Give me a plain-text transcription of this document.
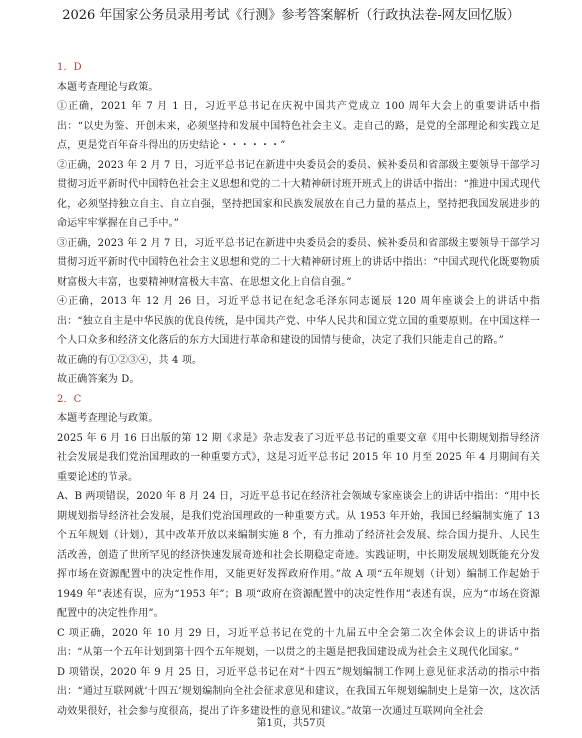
2026 年国家公务员录用考试《行测》参考答案解析（行政执法卷-网友回忆版）

1．D

本题考查理论与政策。

①正确，2021 年 7 月 1 日，习近平总书记在庆祝中国共产党成立 100 周年大会上的重要讲话中指出：“以史为鉴、开创未来，必须坚持和发展中国特色社会主义。走自己的路，是党的全部理论和实践立足点，更是党百年奋斗得出的历史结论・・・・・・”

②正确，2023 年 2 月 7 日，习近平总书记在新进中央委员会的委员、候补委员和省部级主要领导干部学习贯彻习近平新时代中国特色社会主义思想和党的二十大精神研讨班开班式上的讲话中指出：“推进中国式现代化，必须坚持独立自主、自立自强，坚持把国家和民族发展放在自己力量的基点上，坚持把我国发展进步的命运牢牢掌握在自己手中。”

③正确，2023 年 2 月 7 日，习近平总书记在新进中央委员会的委员、候补委员和省部级主要领导干部学习贯彻习近平新时代中国特色社会主义思想和党的二十大精神研讨班上的讲话中指出：“中国式现代化既要物质财富极大丰富，也要精神财富极大丰富、在思想文化上自信自强。”

④正确，2013 年 12 月 26 日，习近平总书记在纪念毛泽东同志诞辰 120 周年座谈会上的讲话中指出：“独立自主是中华民族的优良传统，是中国共产党、中华人民共和国立党立国的重要原则。在中国这样一个人口众多和经济文化落后的东方大国进行革命和建设的国情与使命，决定了我们只能走自己的路。”

故正确的有①②③④，共 4 项。

故正确答案为 D。

2．C

本题考查理论与政策。

2025 年 6 月 16 日出版的第 12 期《求是》杂志发表了习近平总书记的重要文章《用中长期规划指导经济社会发展是我们党治国理政的一种重要方式》，这是习近平总书记 2015 年 10 月至 2025 年 4 月期间有关重要论述的节录。

A、B 两项错误，2020 年 8 月 24 日，习近平总书记在经济社会领域专家座谈会上的讲话中指出：“用中长期规划指导经济社会发展，是我们党治国理政的一种重要方式。从 1953 年开始，我国已经编制实施了 13 个五年规划（计划），其中改革开放以来编制实施 8 个，有力推动了经济社会发展、综合国力提升、人民生活改善，创造了世所罕见的经济快速发展奇迹和社会长期稳定奇迹。实践证明，中长期发展规划既能充分发挥市场在资源配置中的决定性作用，又能更好发挥政府作用。”故 A 项“五年规划（计划）编制工作起始于 1949 年”表述有误，应为“1953 年”；B 项“政府在资源配置中的决定性作用”表述有误，应为“市场在资源配置中的决定性作用”。

C 项正确，2020 年 10 月 29 日，习近平总书记在党的十九届五中全会第二次全体会议上的讲话中指出：“从第一个五年计划到第十四个五年规划，一以贯之的主题是把我国建设成为社会主义现代化国家。”

D 项错误，2020 年 9 月 25 日，习近平总书记在对“十四五”规划编制工作网上意见征求活动的指示中指出：“通过互联网就‘十四五’规划编制向全社会征求意见和建议，在我国五年规划编制史上是第一次，这次活动效果很好，社会参与度很高，提出了许多建设性的意见和建议。”故第一次通过互联网向全社会

第1页，共57页
